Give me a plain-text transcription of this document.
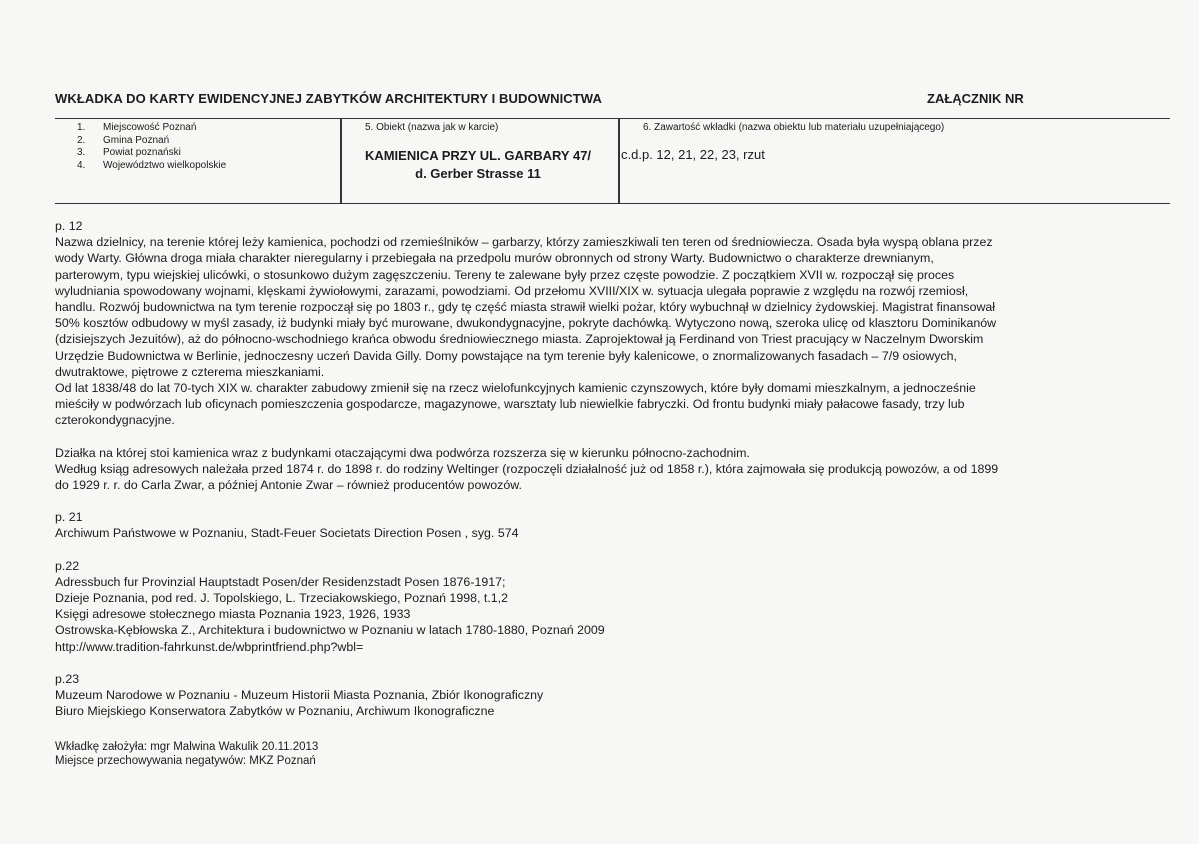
WKŁADKA DO KARTY EWIDENCYJNEJ ZABYTKÓW ARCHITEKTURY I BUDOWNICTWA	ZAŁĄCZNIK NR
1. Miejscowość Poznań
2. Gmina Poznań
3. Powiat poznański
4. Województwo wielkopolskie
5. Obiekt (nazwa jak w karcie)
KAMIENICA PRZY UL. GARBARY 47/
d. Gerber Strasse 11
6. Zawartość wkładki (nazwa obiektu lub materiału uzupełniającego)
c.d.p. 12, 21, 22, 23, rzut

p. 12

Nazwa dzielnicy, na terenie której leży kamienica, pochodzi od rzemieślników – garbarzy, którzy zamieszkiwali ten teren od średniowiecza. Osada była wyspą oblana przez

wody Warty. Główna droga miała charakter nieregularny i przebiegała na przedpolu murów obronnych od strony Warty. Budownictwo o charakterze drewnianym,

parterowym, typu wiejskiej ulicówki, o stosunkowo dużym zagęszczeniu. Tereny te zalewane były przez częste powodzie. Z początkiem XVII w. rozpoczął się proces

wyludniania spowodowany wojnami, klęskami żywiołowymi, zarazami, powodziami. Od przełomu XVIII/XIX w. sytuacja ulegała poprawie z względu na rozwój rzemiosł,

handlu. Rozwój budownictwa na tym terenie rozpoczął się po 1803 r., gdy tę część miasta strawił wielki pożar, który wybuchnął w dzielnicy żydowskiej. Magistrat finansował

50% kosztów odbudowy w myśl zasady, iż budynki miały być murowane, dwukondygnacyjne, pokryte dachówką. Wytyczono nową, szeroka ulicę od klasztoru Dominikanów

(dzisiejszych Jezuitów), aż do północno-wschodniego krańca obwodu średniowiecznego miasta. Zaprojektował ją Ferdinand von Triest pracujący w Naczelnym Dworskim

Urzędzie Budownictwa w Berlinie, jednoczesny uczeń Davida Gilly. Domy powstające na tym terenie były kalenicowe, o znormalizowanych fasadach – 7/9 osiowych,

dwutraktowe, piętrowe z czterema mieszkaniami.

Od lat 1838/48 do lat 70-tych XIX w. charakter zabudowy zmienił się na rzecz wielofunkcyjnych kamienic czynszowych, które były domami mieszkalnym, a jednocześnie

mieściły w podwórzach lub oficynach pomieszczenia gospodarcze, magazynowe, warsztaty lub niewielkie fabryczki. Od frontu budynki miały pałacowe fasady, trzy lub

czterokondygnacyjne.

Działka na której stoi kamienica wraz z budynkami otaczającymi dwa podwórza rozszerza się w kierunku północno-zachodnim.

Według ksiąg adresowych należała przed 1874 r. do 1898 r. do rodziny Weltinger (rozpoczęli działalność już od 1858 r.), która zajmowała się produkcją powozów, a od 1899

do 1929 r. r. do Carla Zwar, a później Antonie Zwar – również producentów powozów.

p. 21

Archiwum Państwowe w Poznaniu, Stadt-Feuer Societats Direction Posen , syg. 574

p.22

Adressbuch fur Provinzial Hauptstadt Posen/der Residenzstadt Posen 1876-1917;

Dzieje Poznania, pod red. J. Topolskiego, L. Trzeciakowskiego, Poznań 1998, t.1,2

Księgi adresowe stołecznego miasta Poznania 1923, 1926, 1933

Ostrowska-Kębłowska Z., Architektura i budownictwo w Poznaniu w latach 1780-1880, Poznań 2009

http://www.tradition-fahrkunst.de/wbprintfriend.php?wbl=

p.23

Muzeum Narodowe w Poznaniu - Muzeum Historii Miasta Poznania, Zbiór Ikonograficzny

Biuro Miejskiego Konserwatora Zabytków w Poznaniu, Archiwum Ikonograficzne

Wkładkę założyła: mgr Malwina Wakulik 20.11.2013
Miejsce przechowywania negatywów: MKZ Poznań
